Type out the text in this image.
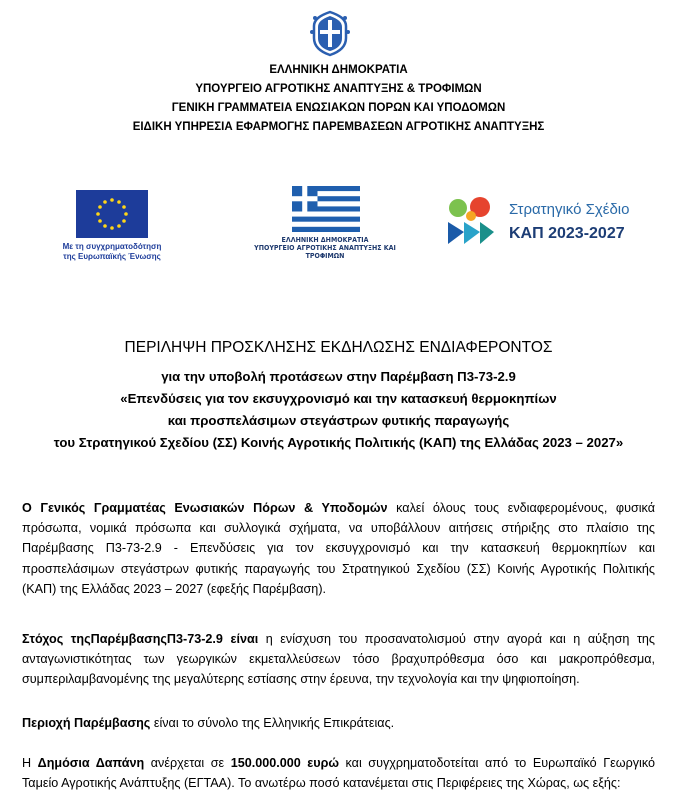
ΕΛΛΗΝΙΚΗ ΔΗΜΟΚΡΑΤΙΑ
ΥΠΟΥΡΓΕΙΟ ΑΓΡΟΤΙΚΗΣ ΑΝΑΠΤΥΞΗΣ & ΤΡΟΦΙΜΩΝ
ΓΕΝΙΚΗ ΓΡΑΜΜΑΤΕΙΑ ΕΝΩΣΙΑΚΩΝ ΠΟΡΩΝ ΚΑΙ ΥΠΟΔΟΜΩΝ
ΕΙΔΙΚΗ ΥΠΗΡΕΣΙΑ ΕΦΑΡΜΟΓΗΣ ΠΑΡΕΜΒΑΣΕΩΝ ΑΓΡΟΤΙΚΗΣ ΑΝΑΠΤΥΞΗΣ
Με τη συγχρηματοδότηση
της Ευρωπαϊκής Ένωσης
ΕΛΛΗΝΙΚΗ ΔΗΜΟΚΡΑΤΙΑ
ΥΠΟΥΡΓΕΙΟ ΑΓΡΟΤΙΚΗΣ ΑΝΑΠΤΥΞΗΣ ΚΑΙ ΤΡΟΦΙΜΩΝ
Στρατηγικό Σχέδιο
ΚΑΠ 2023-2027
ΠΕΡΙΛΗΨΗ ΠΡΟΣΚΛΗΣΗΣ ΕΚΔΗΛΩΣΗΣ ΕΝΔΙΑΦΕΡΟΝΤΟΣ
για την υποβολή προτάσεων στην Παρέμβαση Π3-73-2.9
«Επενδύσεις για τον εκσυγχρονισμό και την κατασκευή θερμοκηπίων
και προσπελάσιμων στεγάστρων φυτικής παραγωγής
του Στρατηγικού Σχεδίου (ΣΣ) Κοινής Αγροτικής Πολιτικής (ΚΑΠ) της Ελλάδας 2023 – 2027»
Ο Γενικός Γραμματέας Ενωσιακών Πόρων & Υποδομών καλεί όλους τους ενδιαφερομένους, φυσικά πρόσωπα, νομικά πρόσωπα και συλλογικά σχήματα, να υποβάλλουν αιτήσεις στήριξης στο πλαίσιο της Παρέμβασης Π3-73-2.9 - Επενδύσεις για τον εκσυγχρονισμό και την κατασκευή θερμοκηπίων και προσπελάσιμων στεγάστρων φυτικής παραγωγής του Στρατηγικού Σχεδίου (ΣΣ) Κοινής Αγροτικής Πολιτικής (ΚΑΠ) της Ελλάδας 2023 – 2027 (εφεξής Παρέμβαση).
Στόχος τηςΠαρέμβασηςΠ3-73-2.9 είναι η ενίσχυση του προσανατολισμού στην αγορά και η αύξηση της ανταγωνιστικότητας των γεωργικών εκμεταλλεύσεων τόσο βραχυπρόθεσμα όσο και μακροπρόθεσμα, συμπεριλαμβανομένης της μεγαλύτερης εστίασης στην έρευνα, την τεχνολογία και την ψηφιοποίηση.
Περιοχή Παρέμβασης είναι το σύνολο της Ελληνικής Επικράτειας.
Η Δημόσια Δαπάνη ανέρχεται σε 150.000.000 ευρώ και συγχρηματοδοτείται από το Ευρωπαϊκό Γεωργικό Ταμείο Αγροτικής Ανάπτυξης (ΕΓΤΑΑ). Το ανωτέρω ποσό κατανέμεται στις Περιφέρειες της Χώρας, ως εξής:
